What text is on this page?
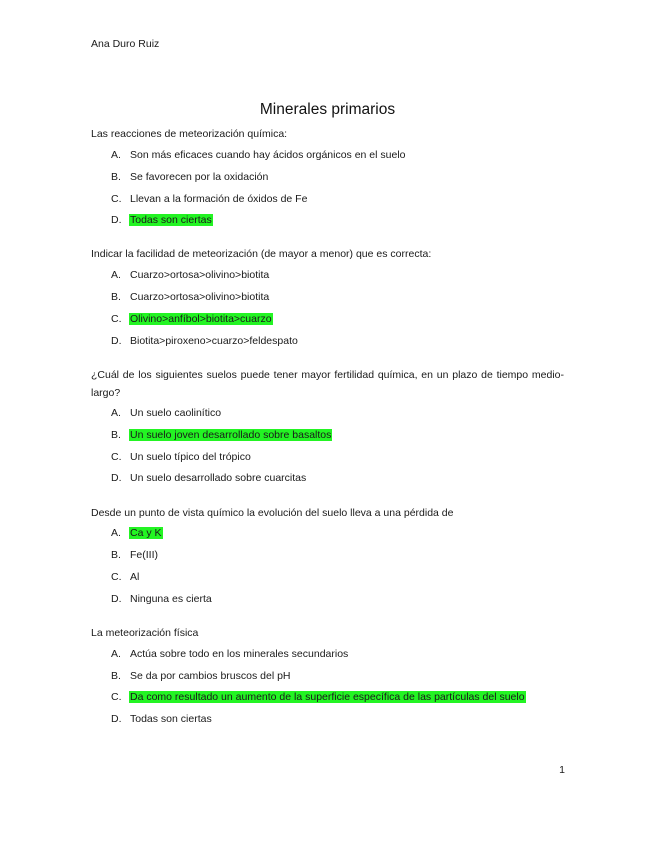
Ana Duro Ruiz
Minerales primarios
Las reacciones de meteorización química:
A. Son más eficaces cuando hay ácidos orgánicos en el suelo
B. Se favorecen por la oxidación
C. Llevan a la formación de óxidos de Fe
D. Todas son ciertas
Indicar la facilidad de meteorización (de mayor a menor) que es correcta:
A. Cuarzo>ortosa>olivino>biotita
B. Cuarzo>ortosa>olivino>biotita
C. Olivino>anfíbol>biotita>cuarzo
D. Biotita>piroxeno>cuarzo>feldespato
¿Cuál de los siguientes suelos puede tener mayor fertilidad química, en un plazo de tiempo medio-largo?
A. Un suelo caolinítico
B. Un suelo joven desarrollado sobre basaltos
C. Un suelo típico del trópico
D. Un suelo desarrollado sobre cuarcitas
Desde un punto de vista químico la evolución del suelo lleva a una pérdida de
A. Ca y K
B. Fe(III)
C. Al
D. Ninguna es cierta
La meteorización física
A. Actúa sobre todo en los minerales secundarios
B. Se da por cambios bruscos del pH
C. Da como resultado un aumento de la superficie específica de las partículas del suelo
D. Todas son ciertas
1
